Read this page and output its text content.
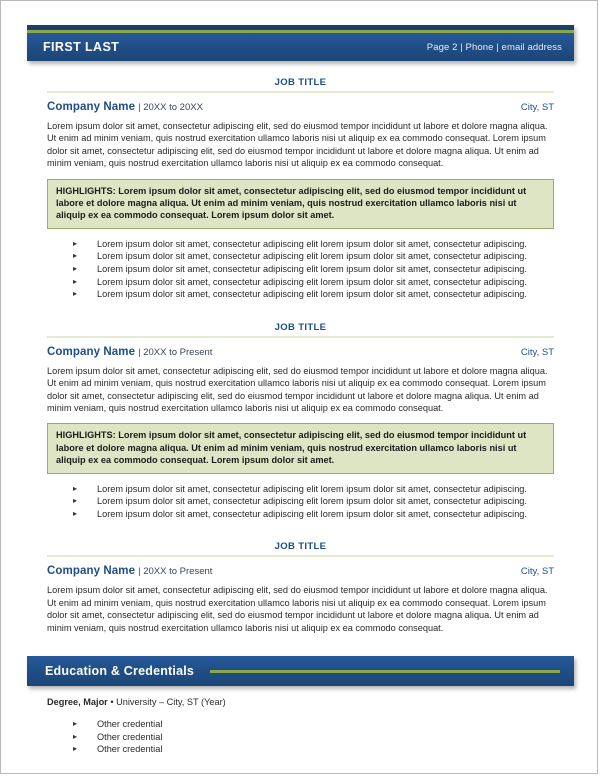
FIRST LAST	Page 2 | Phone | email address
JOB TITLE
Company Name | 20XX to 20XX	City, ST

Lorem ipsum dolor sit amet, consectetur adipiscing elit, sed do eiusmod tempor incididunt ut labore et dolore magna aliqua. Ut enim ad minim veniam, quis nostrud exercitation ullamco laboris nisi ut aliquip ex ea commodo consequat. Lorem ipsum dolor sit amet, consectetur adipiscing elit, sed do eiusmod tempor incididunt ut labore et dolore magna aliqua. Ut enim ad minim veniam, quis nostrud exercitation ullamco laboris nisi ut aliquip ex ea commodo consequat.

HIGHLIGHTS: Lorem ipsum dolor sit amet, consectetur adipiscing elit, sed do eiusmod tempor incididunt ut labore et dolore magna aliqua. Ut enim ad minim veniam, quis nostrud exercitation ullamco laboris nisi ut aliquip ex ea commodo consequat. Lorem ipsum dolor sit amet.
▸ Lorem ipsum dolor sit amet, consectetur adipiscing elit lorem ipsum dolor sit amet, consectetur adipiscing.
▸ Lorem ipsum dolor sit amet, consectetur adipiscing elit lorem ipsum dolor sit amet, consectetur adipiscing.
▸ Lorem ipsum dolor sit amet, consectetur adipiscing elit lorem ipsum dolor sit amet, consectetur adipiscing.
▸ Lorem ipsum dolor sit amet, consectetur adipiscing elit lorem ipsum dolor sit amet, consectetur adipiscing.
▸ Lorem ipsum dolor sit amet, consectetur adipiscing elit lorem ipsum dolor sit amet, consectetur adipiscing.
JOB TITLE
Company Name | 20XX to Present	City, ST

Lorem ipsum dolor sit amet, consectetur adipiscing elit, sed do eiusmod tempor incididunt ut labore et dolore magna aliqua. Ut enim ad minim veniam, quis nostrud exercitation ullamco laboris nisi ut aliquip ex ea commodo consequat. Lorem ipsum dolor sit amet, consectetur adipiscing elit, sed do eiusmod tempor incididunt ut labore et dolore magna aliqua. Ut enim ad minim veniam, quis nostrud exercitation ullamco laboris nisi ut aliquip ex ea commodo consequat.

HIGHLIGHTS: Lorem ipsum dolor sit amet, consectetur adipiscing elit, sed do eiusmod tempor incididunt ut labore et dolore magna aliqua. Ut enim ad minim veniam, quis nostrud exercitation ullamco laboris nisi ut aliquip ex ea commodo consequat. Lorem ipsum dolor sit amet.
▸ Lorem ipsum dolor sit amet, consectetur adipiscing elit lorem ipsum dolor sit amet, consectetur adipiscing.
▸ Lorem ipsum dolor sit amet, consectetur adipiscing elit lorem ipsum dolor sit amet, consectetur adipiscing.
▸ Lorem ipsum dolor sit amet, consectetur adipiscing elit lorem ipsum dolor sit amet, consectetur adipiscing.
JOB TITLE
Company Name | 20XX to Present	City, ST

Lorem ipsum dolor sit amet, consectetur adipiscing elit, sed do eiusmod tempor incididunt ut labore et dolore magna aliqua. Ut enim ad minim veniam, quis nostrud exercitation ullamco laboris nisi ut aliquip ex ea commodo consequat. Lorem ipsum dolor sit amet, consectetur adipiscing elit, sed do eiusmod tempor incididunt ut labore et dolore magna aliqua. Ut enim ad minim veniam, quis nostrud exercitation ullamco laboris nisi ut aliquip ex ea commodo consequat.

Education & Credentials
Degree, Major • University – City, ST (Year)
▸ Other credential
▸ Other credential
▸ Other credential
